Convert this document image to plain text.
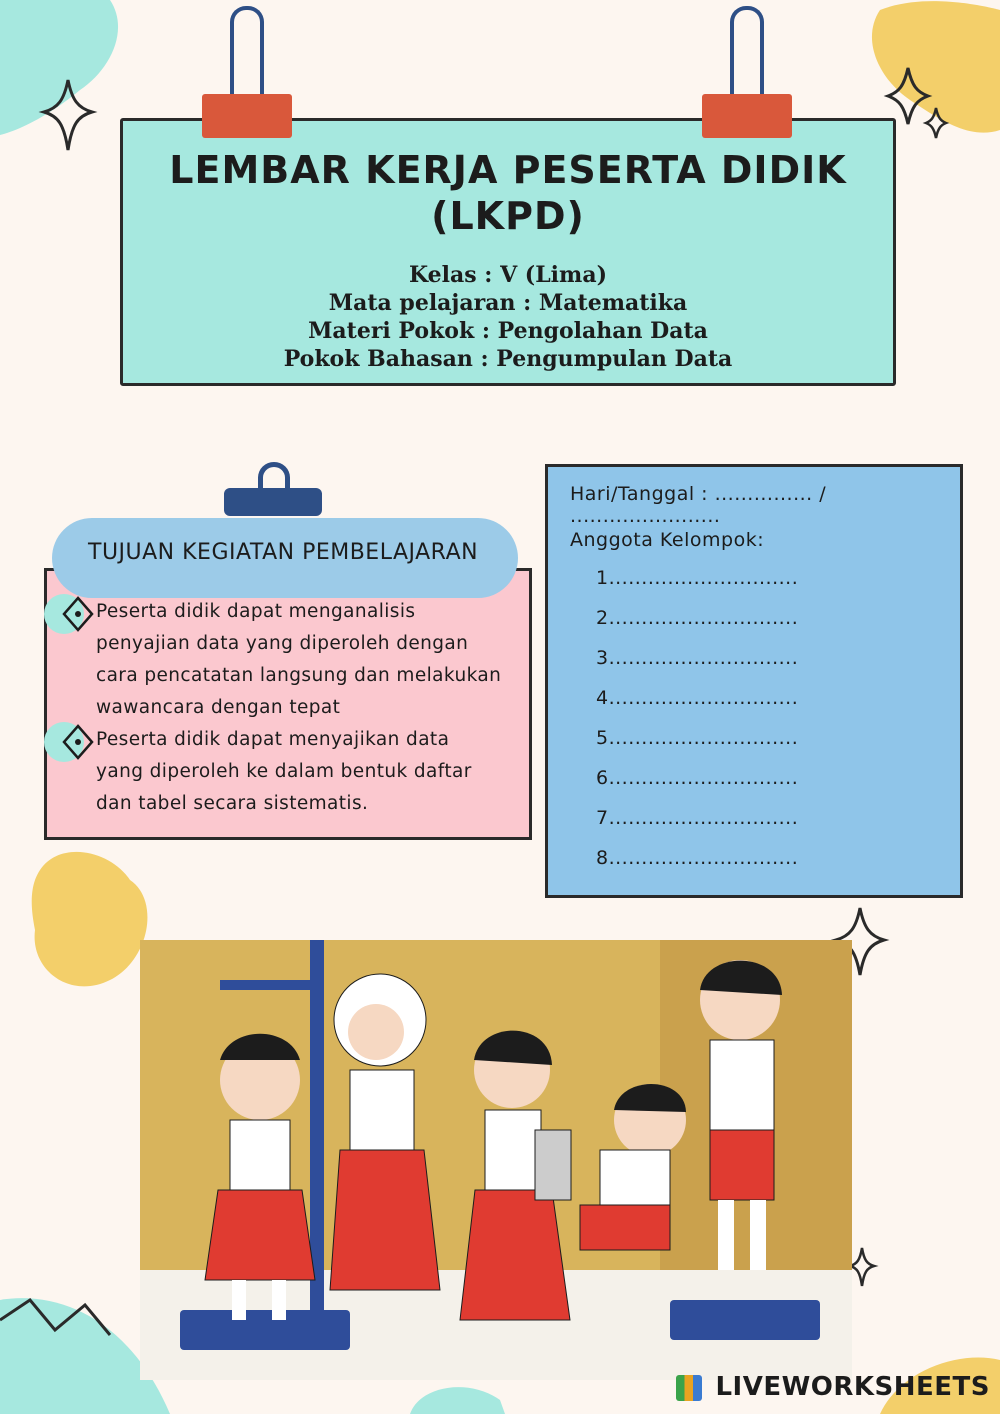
LEMBAR KERJA PESERTA DIDIK
(LKPD)
Kelas : V (Lima)
Mata pelajaran : Matematika
Materi Pokok : Pengolahan Data
Pokok Bahasan : Pengumpulan Data
TUJUAN KEGIATAN PEMBELAJARAN
Peserta didik dapat menganalisis
penyajian data yang diperoleh dengan
cara pencatatan langsung dan melakukan
wawancara dengan tepat
Peserta didik dapat menyajikan data
yang diperoleh ke dalam bentuk daftar
dan tabel secara sistematis.
Hari/Tanggal : ............... / .......................
Anggota Kelompok:
1.............................
2.............................
3.............................
4.............................
5.............................
6.............................
7.............................
8.............................
LIVEWORKSHEETS
